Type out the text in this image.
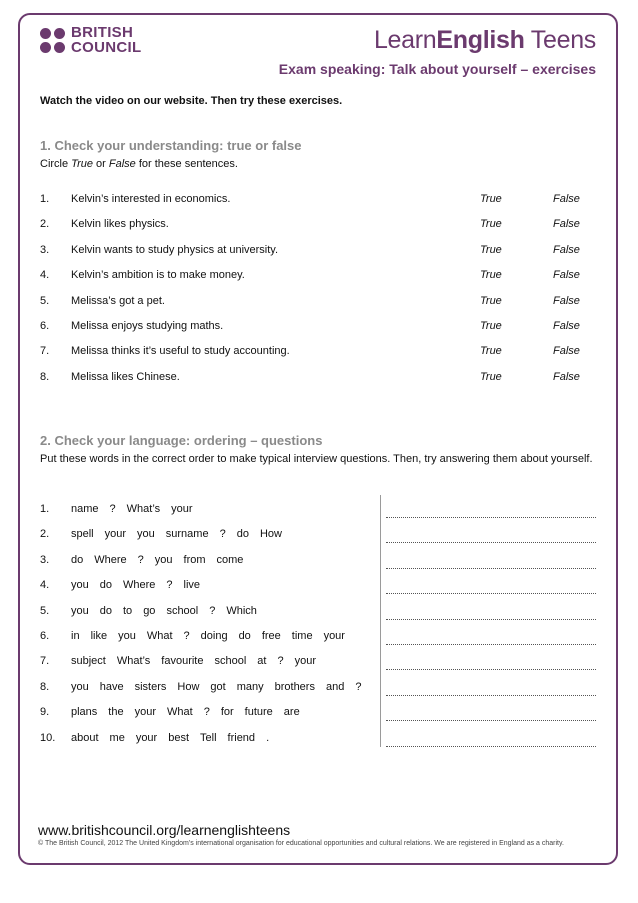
BRITISH
COUNCIL	LearnEnglish Teens
Exam speaking: Talk about yourself – exercises
Watch the video on our website. Then try these exercises.
1. Check your understanding: true or false
Circle True or False for these sentences.
1. Kelvin’s interested in economics.	True	False
2. Kelvin likes physics.	True	False
3. Kelvin wants to study physics at university.	True	False
4. Kelvin’s ambition is to make money.	True	False
5. Melissa’s got a pet.	True	False
6. Melissa enjoys studying maths.	True	False
7. Melissa thinks it’s useful to study accounting.	True	False
8. Melissa likes Chinese.	True	False
2. Check your language: ordering – questions
Put these words in the correct order to make typical interview questions. Then, try answering them about yourself.
1. name ? What’s your
2. spell your you surname ? do How
3. do Where ? you from come
4. you do Where ? live
5. you do to go school ? Which
6. in like you What ? doing do free time your
7. subject What’s favourite school at ? your
8. you have sisters How got many brothers and ?
9. plans the your What ? for future are
10. about me your best Tell friend .
www.britishcouncil.org/learnenglishteens
© The British Council, 2012 The United Kingdom’s international organisation for educational opportunities and cultural relations. We are registered in England as a charity.
